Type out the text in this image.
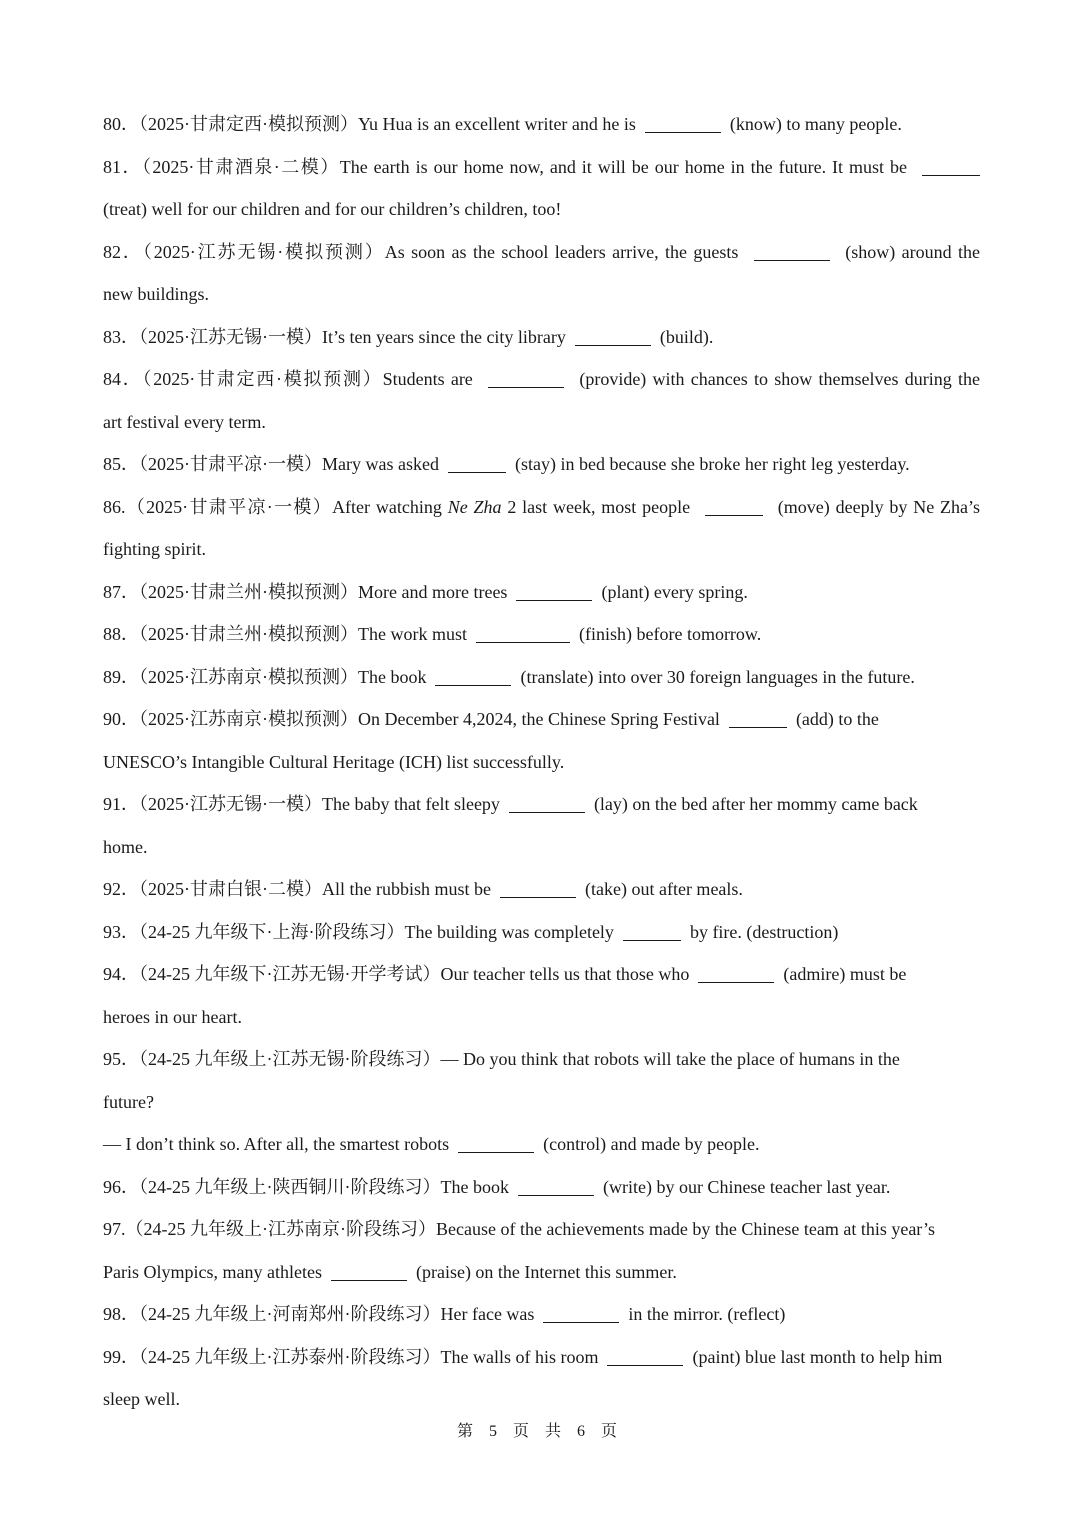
80．（2025·甘肃定西·模拟预测）Yu Hua is an excellent writer and he is	(know) to many people.
81．（2025·甘肃酒泉·二模）The earth is our home now, and it will be our home in the future. It must be
(treat) well for our children and for our children’s children, too!
82．（2025·江苏无锡·模拟预测）As soon as the school leaders arrive, the guests	(show) around the
new buildings.
83．（2025·江苏无锡·一模）It’s ten years since the city library	(build).
84．（2025·甘肃定西·模拟预测）Students are	(provide) with chances to show themselves during the
art festival every term.
85．（2025·甘肃平凉·一模）Mary was asked	(stay) in bed because she broke her right leg yesterday.
86.（2025·甘肃平凉·一模）After watching Ne Zha 2 last week, most people	(move) deeply by Ne Zha’s
fighting spirit.
87．（2025·甘肃兰州·模拟预测）More and more trees	(plant) every spring.
88．（2025·甘肃兰州·模拟预测）The work must	(finish) before tomorrow.
89．（2025·江苏南京·模拟预测）The book	(translate) into over 30 foreign languages in the future.
90．（2025·江苏南京·模拟预测）On December 4,2024, the Chinese Spring Festival	(add) to the
UNESCO’s Intangible Cultural Heritage (ICH) list successfully.
91．（2025·江苏无锡·一模）The baby that felt sleepy	(lay) on the bed after her mommy came back
home.
92．（2025·甘肃白银·二模）All the rubbish must be	(take) out after meals.
93．（24-25 九年级下·上海·阶段练习）The building was completely	by fire. (destruction)
94．（24-25 九年级下·江苏无锡·开学考试）Our teacher tells us that those who	(admire) must be
heroes in our heart.
95．（24-25 九年级上·江苏无锡·阶段练习）— Do you think that robots will take the place of humans in the
future?
— I don’t think so. After all, the smartest robots	(control) and made by people.
96．（24-25 九年级上·陕西铜川·阶段练习）The book	(write) by our Chinese teacher last year.
97.（24-25 九年级上·江苏南京·阶段练习）Because of the achievements made by the Chinese team at this year’s
Paris Olympics, many athletes	(praise) on the Internet this summer.
98．（24-25 九年级上·河南郑州·阶段练习）Her face was	in the mirror. (reflect)
99．（24-25 九年级上·江苏泰州·阶段练习）The walls of his room	(paint) blue last month to help him
sleep well.
第 5 页 共 6 页
